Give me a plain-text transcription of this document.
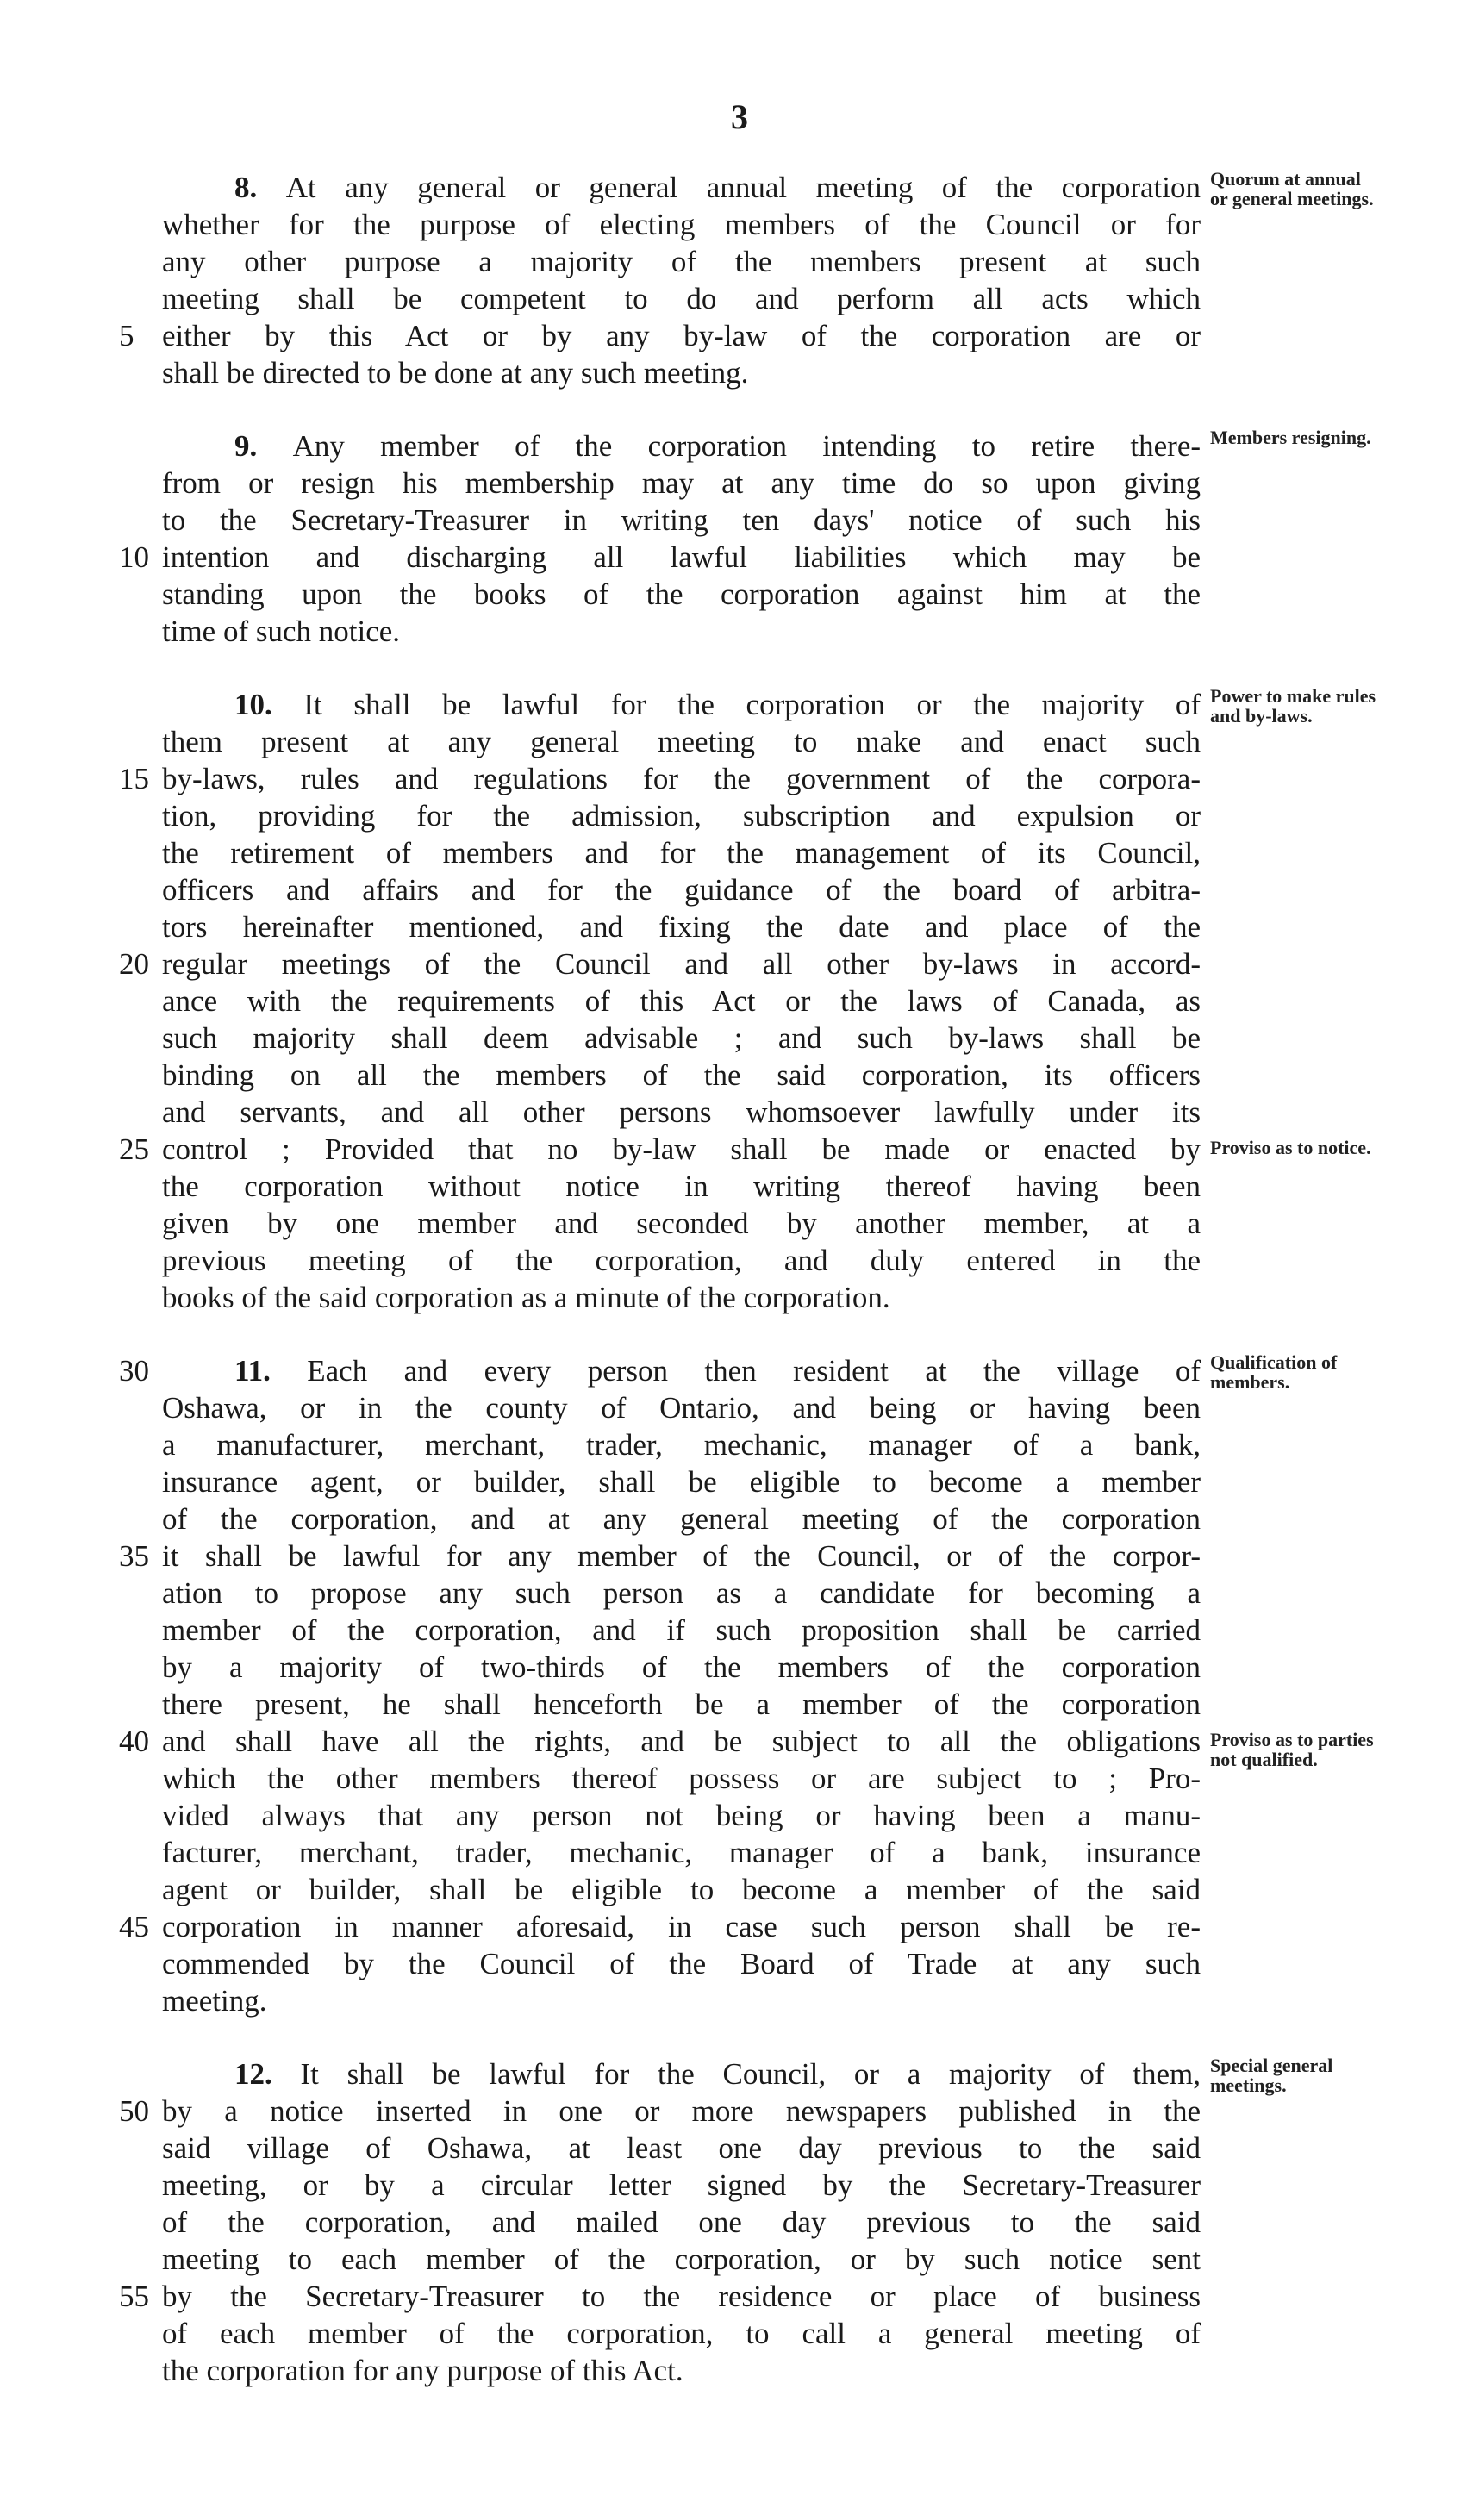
3
8. At any general or general annual meeting of the corporation
whether for the purpose of electing members of the Council or for
any other purpose a majority of the members present at such
meeting shall be competent to do and perform all acts which
either by this Act or by any by-law of the corporation are or
5
shall be directed to be done at any such meeting.
Quorum at annual or general meetings.
9. Any member of the corporation intending to retire there-
from or resign his membership may at any time do so upon giving
to the Secretary-Treasurer in writing ten days' notice of such his
intention and discharging all lawful liabilities which may be
10
standing upon the books of the corporation against him at the
time of such notice.
Members resigning.
10. It shall be lawful for the corporation or the majority of
them present at any general meeting to make and enact such
by-laws, rules and regulations for the government of the corpora-
15
tion, providing for the admission, subscription and expulsion or
the retirement of members and for the management of its Council,
officers and affairs and for the guidance of the board of arbitra-
tors hereinafter mentioned, and fixing the date and place of the
regular meetings of the Council and all other by-laws in accord-
20
ance with the requirements of this Act or the laws of Canada, as
such majority shall deem advisable ; and such by-laws shall be
binding on all the members of the said corporation, its officers
and servants, and all other persons whomsoever lawfully under its
control ; Provided that no by-law shall be made or enacted by
25
the corporation without notice in writing thereof having been
given by one member and seconded by another member, at a
previous meeting of the corporation, and duly entered in the
books of the said corporation as a minute of the corporation.
Power to make rules and by-laws.
Proviso as to notice.
11. Each and every person then resident at the village of
30
Oshawa, or in the county of Ontario, and being or having been
a manufacturer, merchant, trader, mechanic, manager of a bank,
insurance agent, or builder, shall be eligible to become a member
of the corporation, and at any general meeting of the corporation
it shall be lawful for any member of the Council, or of the corpor-
35
ation to propose any such person as a candidate for becoming a
member of the corporation, and if such proposition shall be carried
by a majority of two-thirds of the members of the corporation
there present, he shall henceforth be a member of the corporation
and shall have all the rights, and be subject to all the obligations
40
which the other members thereof possess or are subject to ; Pro-
vided always that any person not being or having been a manu-
facturer, merchant, trader, mechanic, manager of a bank, insurance
agent or builder, shall be eligible to become a member of the said
corporation in manner aforesaid, in case such person shall be re-
45
commended by the Council of the Board of Trade at any such
meeting.
Qualification of members.
Proviso as to parties not qualified.
12. It shall be lawful for the Council, or a majority of them,
by a notice inserted in one or more newspapers published in the
50
said village of Oshawa, at least one day previous to the said
meeting, or by a circular letter signed by the Secretary-Treasurer
of the corporation, and mailed one day previous to the said
meeting to each member of the corporation, or by such notice sent
by the Secretary-Treasurer to the residence or place of business
55
of each member of the corporation, to call a general meeting of
the corporation for any purpose of this Act.
Special general meetings.
